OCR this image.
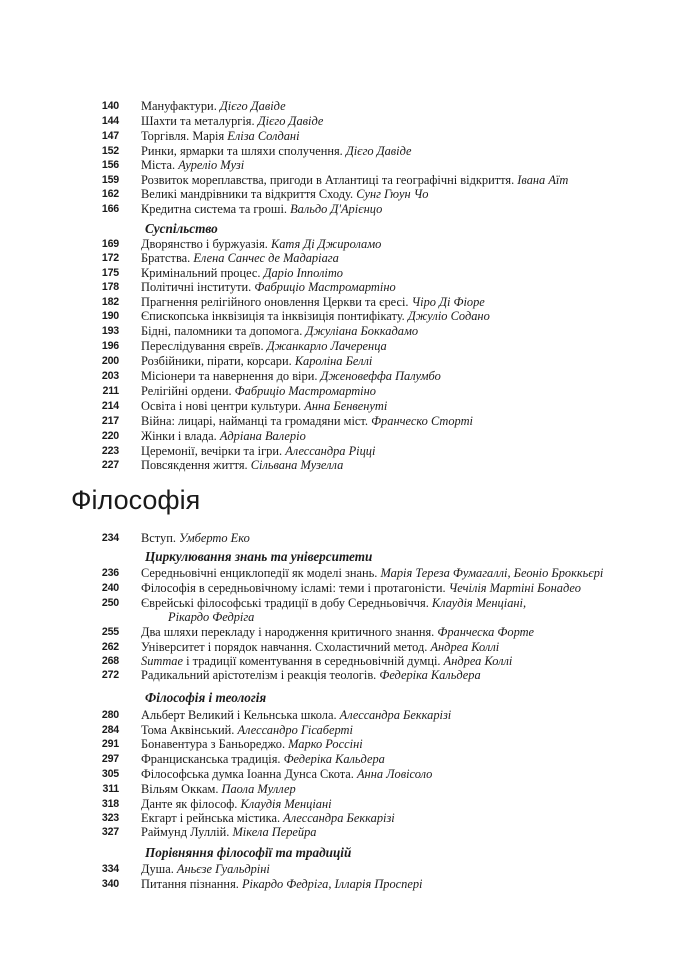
140 Мануфактури. Дієго Давіде
144 Шахти та металургія. Дієго Давіде
147 Торгівля. Марія Еліза Солдані
152 Ринки, ярмарки та шляхи сполучення. Дієго Давіде
156 Міста. Ауреліо Музі
159 Розвиток мореплавства, пригоди в Атлантиці та географічні відкриття. Івана Аїт
162 Великі мандрівники та відкриття Сходу. Сунг Гюун Чо
166 Кредитна система та гроші. Вальдо Д'Арієнцо
Суспільство
169 Дворянство і буржуазія. Катя Ді Джироламо
172 Братства. Елена Санчес де Мадаріага
175 Кримінальний процес. Даріо Іпполіто
178 Політичні інститути. Фабриціо Мастромартіно
182 Прагнення релігійного оновлення Церкви та єресі. Чіро Ді Фіоре
190 Єпископська інквізиція та інквізиція понтифікату. Джуліо Содано
193 Бідні, паломники та допомога. Джуліана Боккадамо
196 Переслідування євреїв. Джанкарло Лачеренца
200 Розбійники, пірати, корсари. Кароліна Беллі
203 Місіонери та навернення до віри. Дженовеффа Палумбо
211 Релігійні ордени. Фабриціо Мастромартіно
214 Освіта і нові центри культури. Анна Бенвенуті
217 Війна: лицарі, найманці та громадяни міст. Франческо Сторті
220 Жінки і влада. Адріана Валеріо
223 Церемонії, вечірки та ігри. Алессандра Ріцці
227 Повсякдення життя. Сільвана Музелла
Філософія
234 Вступ. Умберто Еко
Циркулювання знань та університети
236 Середньовічні енциклопедії як моделі знань. Марія Тереза Фумагаллі, Беоніо Броккьєрі
240 Філософія в середньовічному ісламі: теми і протагоністи. Чечілія Мартіні Бонадео
250 Єврейські філософські традиції в добу Середньовіччя. Клаудія Менціані,
Рікардо Федріга
255 Два шляхи перекладу і народження критичного знання. Франческа Форте
262 Університет і порядок навчання. Схоластичний метод. Андреа Коллі
268 Summae і традиції коментування в середньовічній думці. Андреа Коллі
272 Радикальний арістотелізм і реакція теологів. Федеріка Кальдера
Філософія і теологія
280 Альберт Великий і Кельнська школа. Алессандра Беккарізі
284 Тома Аквінський. Алессандро Гісаберті
291 Бонавентура з Баньореджо. Марко Россіні
297 Францисканська традиція. Федеріка Кальдера
305 Філософська думка Іоанна Дунса Скота. Анна Ловісоло
311 Вільям Оккам. Паола Муллер
318 Данте як філософ. Клаудія Менціані
323 Екгарт і рейнська містика. Алессандра Беккарізі
327 Раймунд Луллій. Мікела Перейра
Порівняння філософії та традицій
334 Душа. Аньєзе Гуальдріні
340 Питання пізнання. Рікардо Федріга, Ілларія Проспері
